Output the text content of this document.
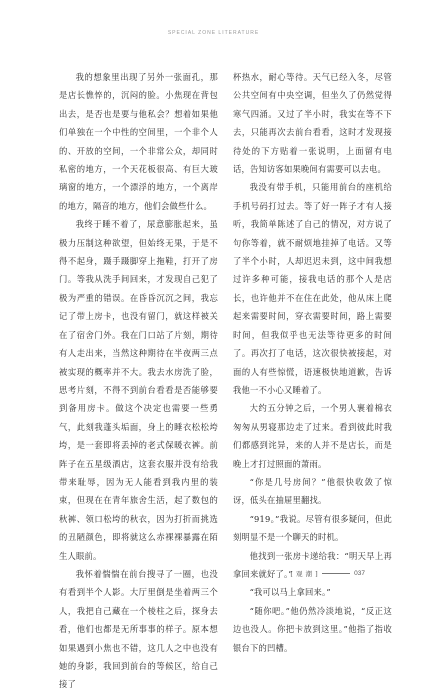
SPECIAL ZONE LITERATURE

我的想象里出现了另外一张面孔，那是店长憔悴的，沉闷的脸。小焦现在背包出去，是否也是要与他私会？想着如果他们单独在一个中性的空间里，一个非个人的、开放的空间，一个非常公众，却同时私密的地方，一个天花板很高、有巨大玻璃窗的地方，一个漂浮的地方，一个离岸的地方，隔音的地方，他们会做些什么。

我终于睡不着了，尿意膨胀起来，虽极力压制这种欲望，但始终无果，于是不得不起身，蹑手蹑脚穿上拖鞋，打开了房门。等我从洗手间回来，才发现自己犯了极为严重的错误。在昏昏沉沉之间，我忘记了带上房卡，也没有留门，就这样被关在了宿舍门外。我在门口站了片刻，期待有人走出来，当然这种期待在半夜两三点被实现的概率并不大。我去水房洗了脸，思考片刻，不得不到前台看看是否能够要到备用房卡。做这个决定也需要一些勇气，此刻我蓬头垢面，身上的睡衣松松垮垮，是一套即将丢掉的老式保暖衣裤。前阵子在五星级酒店，这套衣服并没有给我带来耻辱，因为无人能看到我内里的装束，但现在在青年旅舍生活，起了数包的秋裤、领口松垮的秋衣，因为打折而挑选的丑陋颜色，即将就这么赤裸裸暴露在陌生人眼前。

我怀着惴惴在前台搜寻了一圈，也没有看到半个人影。大厅里倒是坐着两三个人，我把自己藏在一个棱柱之后，探身去看，他们也都是无所事事的样子。原本想如果遇到小焦也不错，这几人之中也没有她的身影，我回到前台的等候区，给自己接了

杯热水，耐心等待。天气已经入冬，尽管公共空间有中央空调，但坐久了仍然觉得寒气四涌。又过了半小时，我实在等不下去，只能再次去前台看看，这时才发现接待处的下方贴着一张说明，上面留有电话，告知访客如果晚间有需要可以去电。

我没有带手机，只能用前台的座机给手机号码打过去。等了好一阵子才有人接听，我简单陈述了自己的情况，对方说了句你等着，就不耐烦地挂掉了电话。又等了半个小时，人却迟迟未到，这中间我想过许多种可能，接我电话的那个人是店长，也许他并不在住在此处，他从床上爬起来需要时间，穿衣需要时间，路上需要时间，但我似乎也无法等待更多的时间了。再次打了电话，这次很快被接起，对面的人有些惊慌，语速极快地道歉，告诉我他一不小心又睡着了。

大约五分钟之后，一个男人裹着棉衣匆匆从男寝那边走了过来。看到彼此时我们都感到诧异，来的人并不是店长，而是晚上才打过照面的萧雨。

“你是几号房间？”他很快收敛了惊讶，低头在抽屉里翻找。

“919。”我说。尽管有很多疑问，但此刻明显不是一个聊天的时机。

他找到一张房卡递给我：“明天早上再拿回来就好了。”

“我可以马上拿回来。”

“随你吧。”他仍然冷淡地说，“反正这边也没人。你把卡放到这里。”他指了指收银台下的凹槽。

[ 观 潮 ]	037
